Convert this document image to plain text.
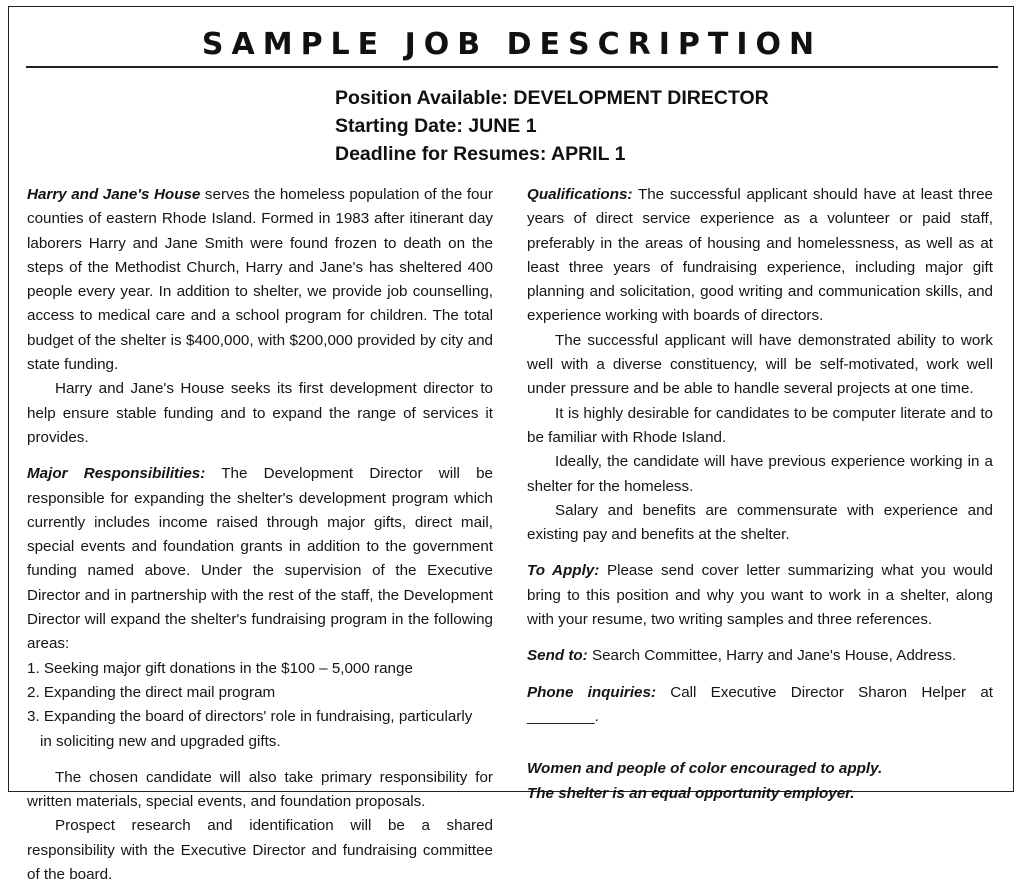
SAMPLE JOB DESCRIPTION
Position Available: DEVELOPMENT DIRECTOR
Starting Date: JUNE 1
Deadline for Resumes: APRIL 1

Harry and Jane's House serves the homeless population of the four counties of eastern Rhode Island. Formed in 1983 after itinerant day laborers Harry and Jane Smith were found frozen to death on the steps of the Methodist Church, Harry and Jane's has sheltered 400 people every year. In addition to shelter, we provide job counselling, access to medical care and a school program for children. The total budget of the shelter is $400,000, with $200,000 provided by city and state funding.

Harry and Jane's House seeks its first development director to help ensure stable funding and to expand the range of services it provides.

Major Responsibilities: The Development Director will be responsible for expanding the shelter's development program which currently includes income raised through major gifts, direct mail, special events and foundation grants in addition to the government funding named above. Under the supervision of the Executive Director and in partnership with the rest of the staff, the Development Director will expand the shelter's fundraising program in the following areas:

1. Seeking major gift donations in the $100 – 5,000 range

2. Expanding the direct mail program

3. Expanding the board of directors' role in fundraising, particularly
in soliciting new and upgraded gifts.

The chosen candidate will also take primary responsibility for written materials, special events, and foundation proposals.

Prospect research and identification will be a shared responsibility with the Executive Director and fundraising committee of the board.

Qualifications: The successful applicant should have at least three years of direct service experience as a volunteer or paid staff, preferably in the areas of housing and homelessness, as well as at least three years of fundraising experience, including major gift planning and solicitation, good writing and communication skills, and experience working with boards of directors.

The successful applicant will have demonstrated ability to work well with a diverse constituency, will be self-motivated, work well under pressure and be able to handle several projects at one time.

It is highly desirable for candidates to be computer literate and to be familiar with Rhode Island.

Ideally, the candidate will have previous experience working in a shelter for the homeless.

Salary and benefits are commensurate with experience and existing pay and benefits at the shelter.

To Apply: Please send cover letter summarizing what you would bring to this position and why you want to work in a shelter, along with your resume, two writing samples and three references.

Send to: Search Committee, Harry and Jane's House, Address.

Phone inquiries: Call Executive Director Sharon Helper at ________.

Women and people of color encouraged to apply.

The shelter is an equal opportunity employer.
